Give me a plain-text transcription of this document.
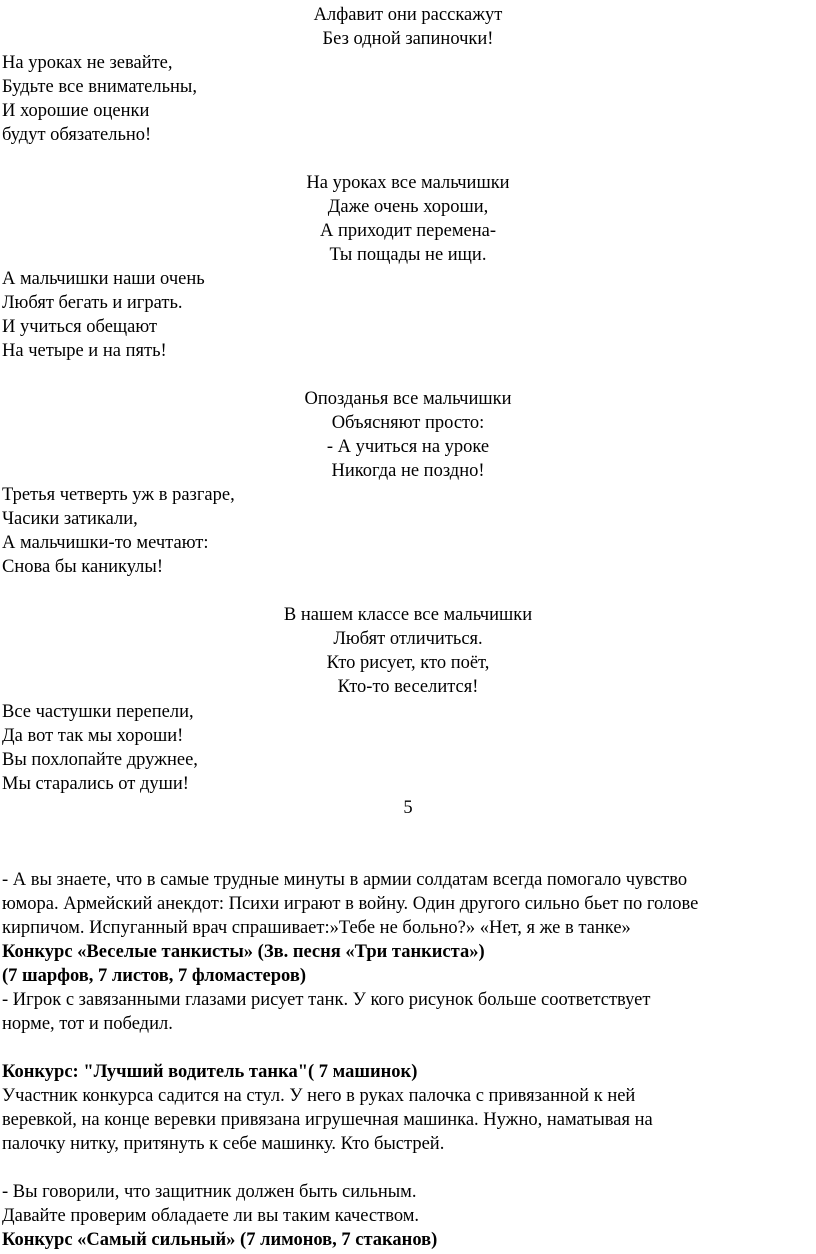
Алфавит они расскажут
Без одной запиночки!
На уроках не зевайте,
Будьте все внимательны,
И хорошие оценки
будут обязательно!
На уроках все мальчишки
Даже очень хороши,
А приходит перемена-
Ты пощады не ищи.
А мальчишки наши очень
Любят бегать и играть.
И учиться обещают
На четыре и на пять!
Опозданья все мальчишки
Объясняют просто:
- А учиться на уроке
Никогда не поздно!
Третья четверть уж в разгаре,
Часики затикали,
А мальчишки-то мечтают:
Снова бы каникулы!
В нашем классе все мальчишки
Любят отличиться.
Кто рисует, кто поёт,
Кто-то веселится!
Все частушки перепели,
Да вот так мы хороши!
Вы похлопайте дружнее,
Мы старались от души!
5
- А вы знаете, что в самые трудные минуты в армии солдатам всегда помогало чувство
юмора. Армейский анекдот: Психи играют в войну. Один другого сильно бьет по голове
кирпичом. Испуганный врач спрашивает:»Тебе не больно?» «Нет, я же в танке»
Конкурс «Веселые танкисты» (Зв. песня «Три танкиста»)
(7 шарфов, 7 листов, 7 фломастеров)
- Игрок с завязанными глазами рисует танк. У кого рисунок больше соответствует
норме, тот и победил.
Конкурс: "Лучший водитель танка"( 7 машинок)
Участник конкурса садится на стул. У него в руках палочка с привязанной к ней
веревкой, на конце веревки привязана игрушечная машинка. Нужно, наматывая на
палочку нитку, притянуть к себе машинку. Кто быстрей.
- Вы говорили, что защитник должен быть сильным.
Давайте проверим обладаете ли вы таким качеством.
Конкурс «Самый сильный» (7 лимонов, 7 стаканов)
